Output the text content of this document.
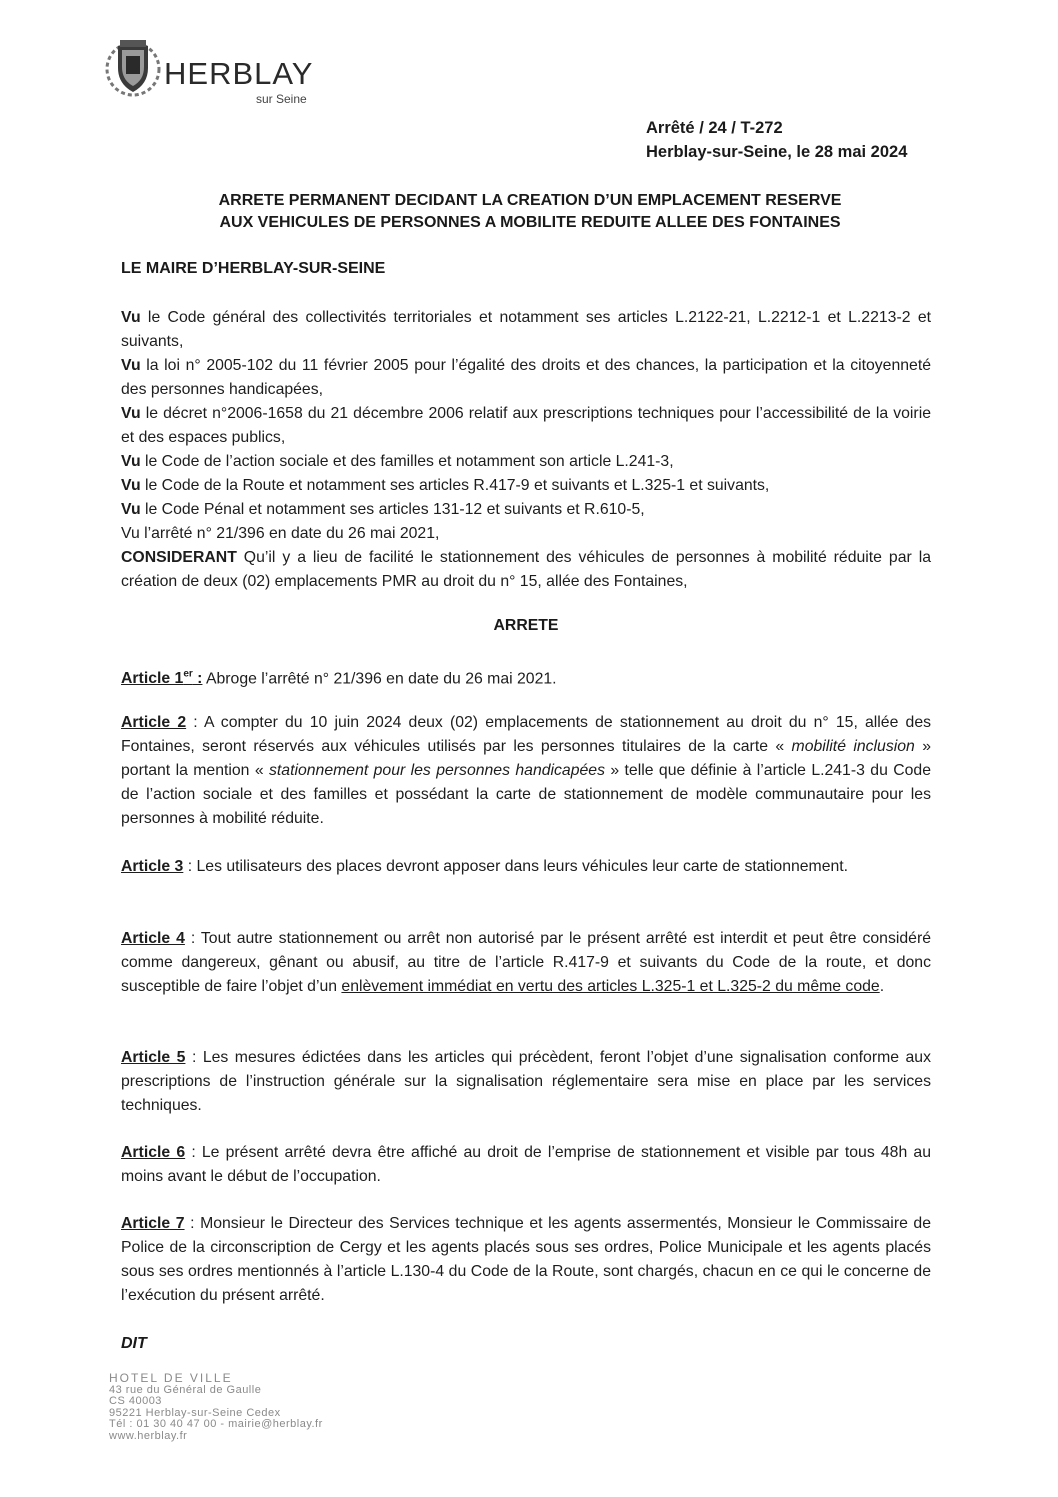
HERBLAY
sur Seine
Arrêté / 24 / T-272
Herblay-sur-Seine, le 28 mai 2024
ARRETE PERMANENT DECIDANT LA CREATION D’UN EMPLACEMENT RESERVE
AUX VEHICULES DE PERSONNES A MOBILITE REDUITE ALLEE DES FONTAINES
LE MAIRE D’HERBLAY-SUR-SEINE

Vu le Code général des collectivités territoriales et notamment ses articles L.2122-21, L.2212-1 et L.2213-2 et suivants,

Vu la loi n° 2005-102 du 11 février 2005 pour l’égalité des droits et des chances, la participation et la citoyenneté des personnes handicapées,

Vu le décret n°2006-1658 du 21 décembre 2006 relatif aux prescriptions techniques pour l’accessibilité de la voirie et des espaces publics,

Vu le Code de l’action sociale et des familles et notamment son article L.241-3,

Vu le Code de la Route et notamment ses articles R.417-9 et suivants et L.325-1 et suivants,

Vu le Code Pénal et notamment ses articles 131-12 et suivants et R.610-5,

Vu l’arrêté n° 21/396 en date du 26 mai 2021,

CONSIDERANT Qu’il y a lieu de facilité le stationnement des véhicules de personnes à mobilité réduite par la création de deux (02) emplacements PMR au droit du n° 15, allée des Fontaines,

ARRETE

Article 1er : Abroge l’arrêté n° 21/396 en date du 26 mai 2021.

Article 2 : A compter du 10 juin 2024 deux (02) emplacements de stationnement au droit du n° 15, allée des Fontaines, seront réservés aux véhicules utilisés par les personnes titulaires de la carte « mobilité inclusion » portant la mention « stationnement pour les personnes handicapées » telle que définie à l’article L.241-3 du Code de l’action sociale et des familles et possédant la carte de stationnement de modèle communautaire pour les personnes à mobilité réduite.

Article 3 : Les utilisateurs des places devront apposer dans leurs véhicules leur carte de stationnement.

Article 4 : Tout autre stationnement ou arrêt non autorisé par le présent arrêté est interdit et peut être considéré comme dangereux, gênant ou abusif, au titre de l’article R.417-9 et suivants du Code de la route, et donc susceptible de faire l’objet d’un enlèvement immédiat en vertu des articles L.325-1 et L.325-2 du même code.

Article 5 : Les mesures édictées dans les articles qui précèdent, feront l’objet d’une signalisation conforme aux prescriptions de l’instruction générale sur la signalisation réglementaire sera mise en place par les services techniques.

Article 6 : Le présent arrêté devra être affiché au droit de l’emprise de stationnement et visible par tous 48h au moins avant le début de l’occupation.

Article 7 : Monsieur le Directeur des Services technique et les agents assermentés, Monsieur le Commissaire de Police de la circonscription de Cergy et les agents placés sous ses ordres, Police Municipale et les agents placés sous ses ordres mentionnés à l’article L.130-4 du Code de la Route, sont chargés, chacun en ce qui le concerne de l’exécution du présent arrêté.

DIT
HOTEL DE VILLE
43 rue du Général de Gaulle
CS 40003
95221 Herblay-sur-Seine Cedex
Tél : 01 30 40 47 00 - mairie@herblay.fr
www.herblay.fr
